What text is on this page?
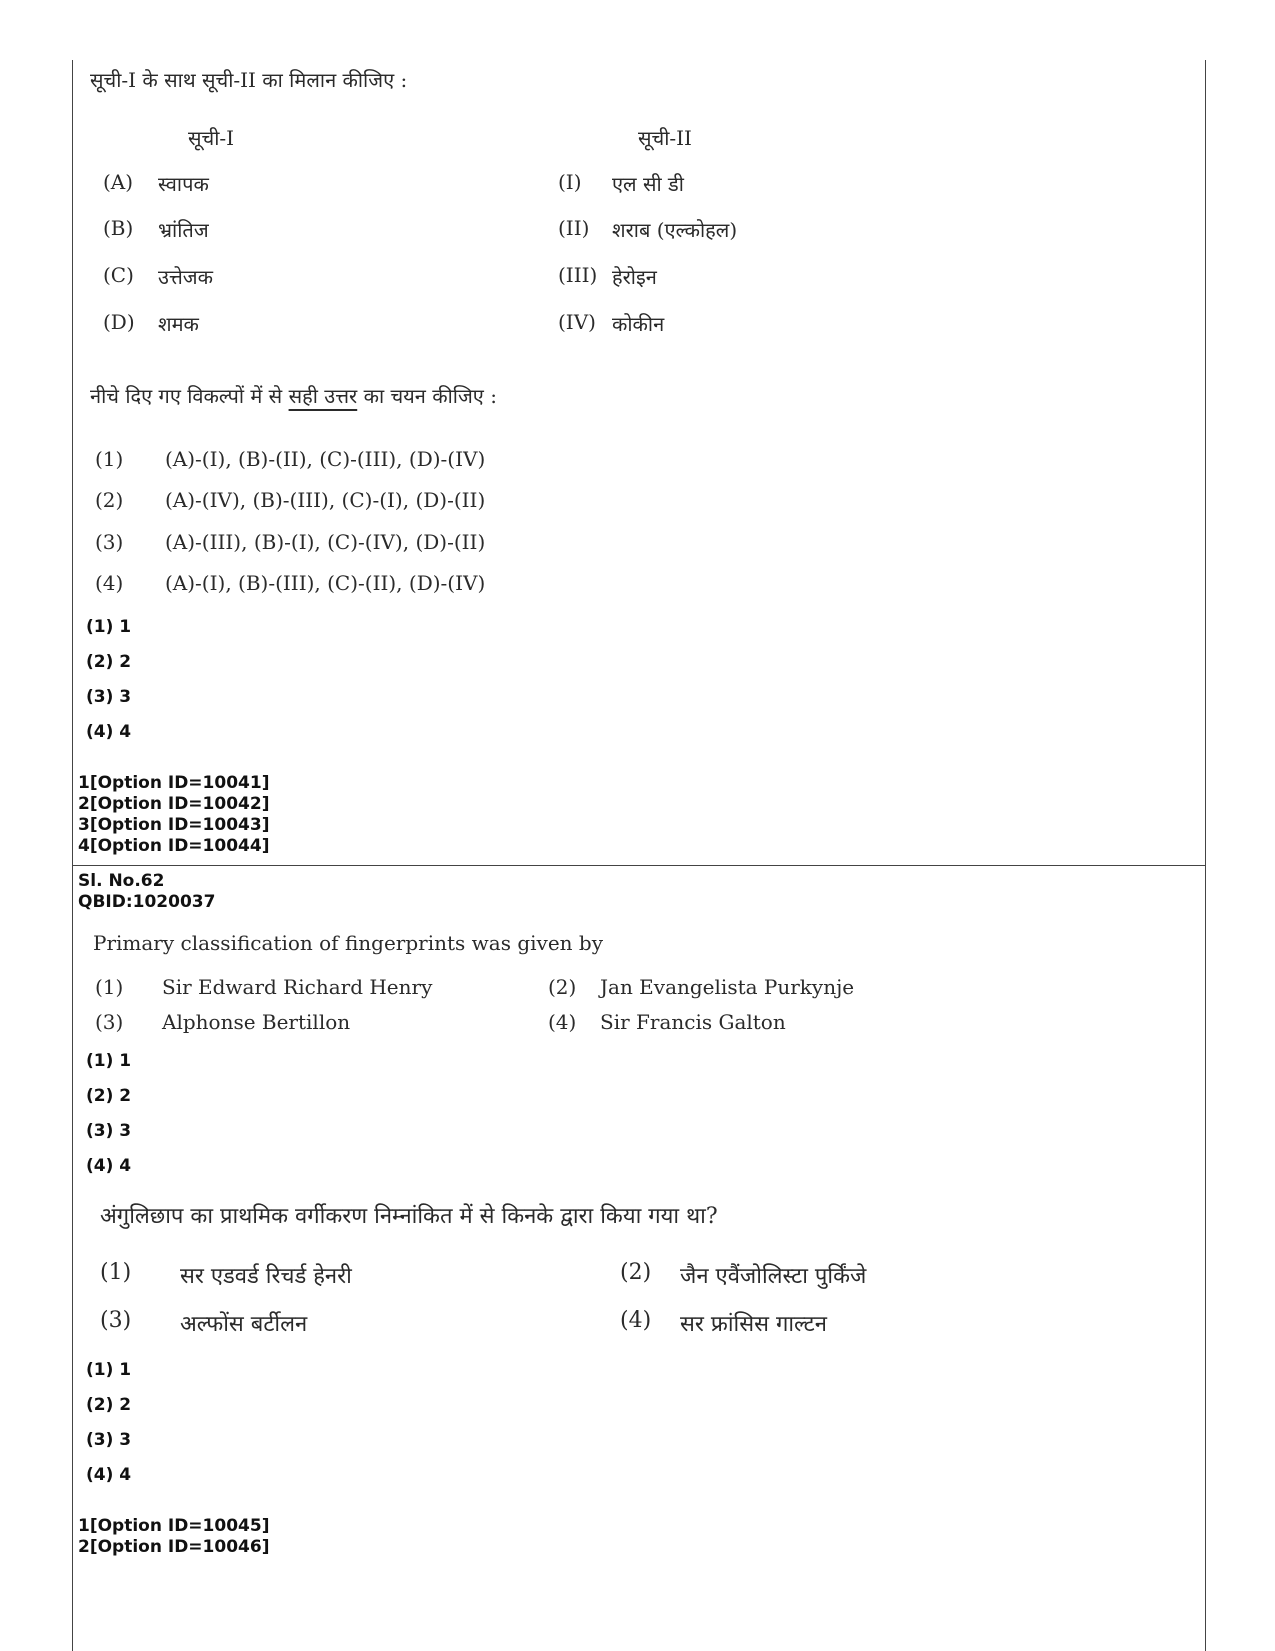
सूची-I के साथ सूची-II का मिलान कीजिए :
सूची-I	सूची-II
(A) स्वापक	(I) एल सी डी
(B) भ्रांतिज	(II) शराब (एल्कोहल)
(C) उत्तेजक	(III) हेरोइन
(D) शमक	(IV) कोकीन
नीचे दिए गए विकल्पों में से सही उत्तर का चयन कीजिए :
(1) (A)-(I), (B)-(II), (C)-(III), (D)-(IV)
(2) (A)-(IV), (B)-(III), (C)-(I), (D)-(II)
(3) (A)-(III), (B)-(I), (C)-(IV), (D)-(II)
(4) (A)-(I), (B)-(III), (C)-(II), (D)-(IV)
(1) 1
(2) 2
(3) 3
(4) 4
1[Option ID=10041]
2[Option ID=10042]
3[Option ID=10043]
4[Option ID=10044]
Sl. No.62
QBID:1020037
Primary classification of fingerprints was given by
(1) Sir Edward Richard Henry	(2) Jan Evangelista Purkynje
(3) Alphonse Bertillon	(4) Sir Francis Galton
(1) 1
(2) 2
(3) 3
(4) 4
अंगुलिछाप का प्राथमिक वर्गीकरण निम्नांकित में से किनके द्वारा किया गया था?
(1) सर एडवर्ड रिचर्ड हेनरी	(2) जैन एवैंजोलिस्टा पुर्किंजे
(3) अल्फोंस बर्टीलन	(4) सर फ्रांसिस गाल्टन
(1) 1
(2) 2
(3) 3
(4) 4
1[Option ID=10045]
2[Option ID=10046]
